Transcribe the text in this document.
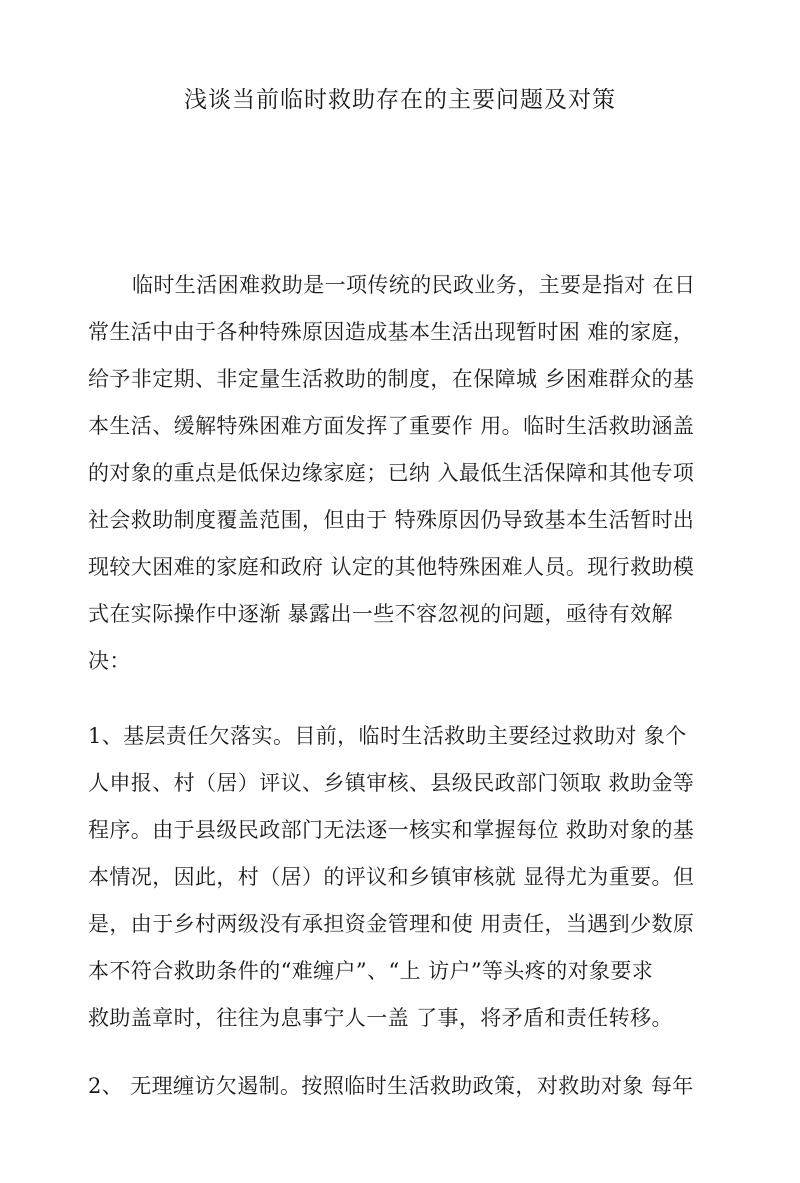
浅谈当前临时救助存在的主要问题及对策
临时生活困难救助是一项传统的民政业务，主要是指对 在日
常生活中由于各种特殊原因造成基本生活出现暂时困 难的家庭，
给予非定期、非定量生活救助的制度，在保障城 乡困难群众的基
本生活、缓解特殊困难方面发挥了重要作 用。临时生活救助涵盖
的对象的重点是低保边缘家庭；已纳 入最低生活保障和其他专项
社会救助制度覆盖范围，但由于 特殊原因仍导致基本生活暂时出
现较大困难的家庭和政府 认定的其他特殊困难人员。现行救助模
式在实际操作中逐渐 暴露出一些不容忽视的问题，亟待有效解
决：
1、基层责任欠落实。目前，临时生活救助主要经过救助对 象个
人申报、村（居）评议、乡镇审核、县级民政部门领取 救助金等
程序。由于县级民政部门无法逐一核实和掌握每位 救助对象的基
本情况，因此，村（居）的评议和乡镇审核就 显得尤为重要。但
是，由于乡村两级没有承担资金管理和使 用责任，当遇到少数原
本不符合救助条件的“难缠户”、“上 访户”等头疼的对象要求
救助盖章时，往往为息事宁人一盖 了事，将矛盾和责任转移。
2、 无理缠访欠遏制。按照临时生活救助政策，对救助对象 每年
